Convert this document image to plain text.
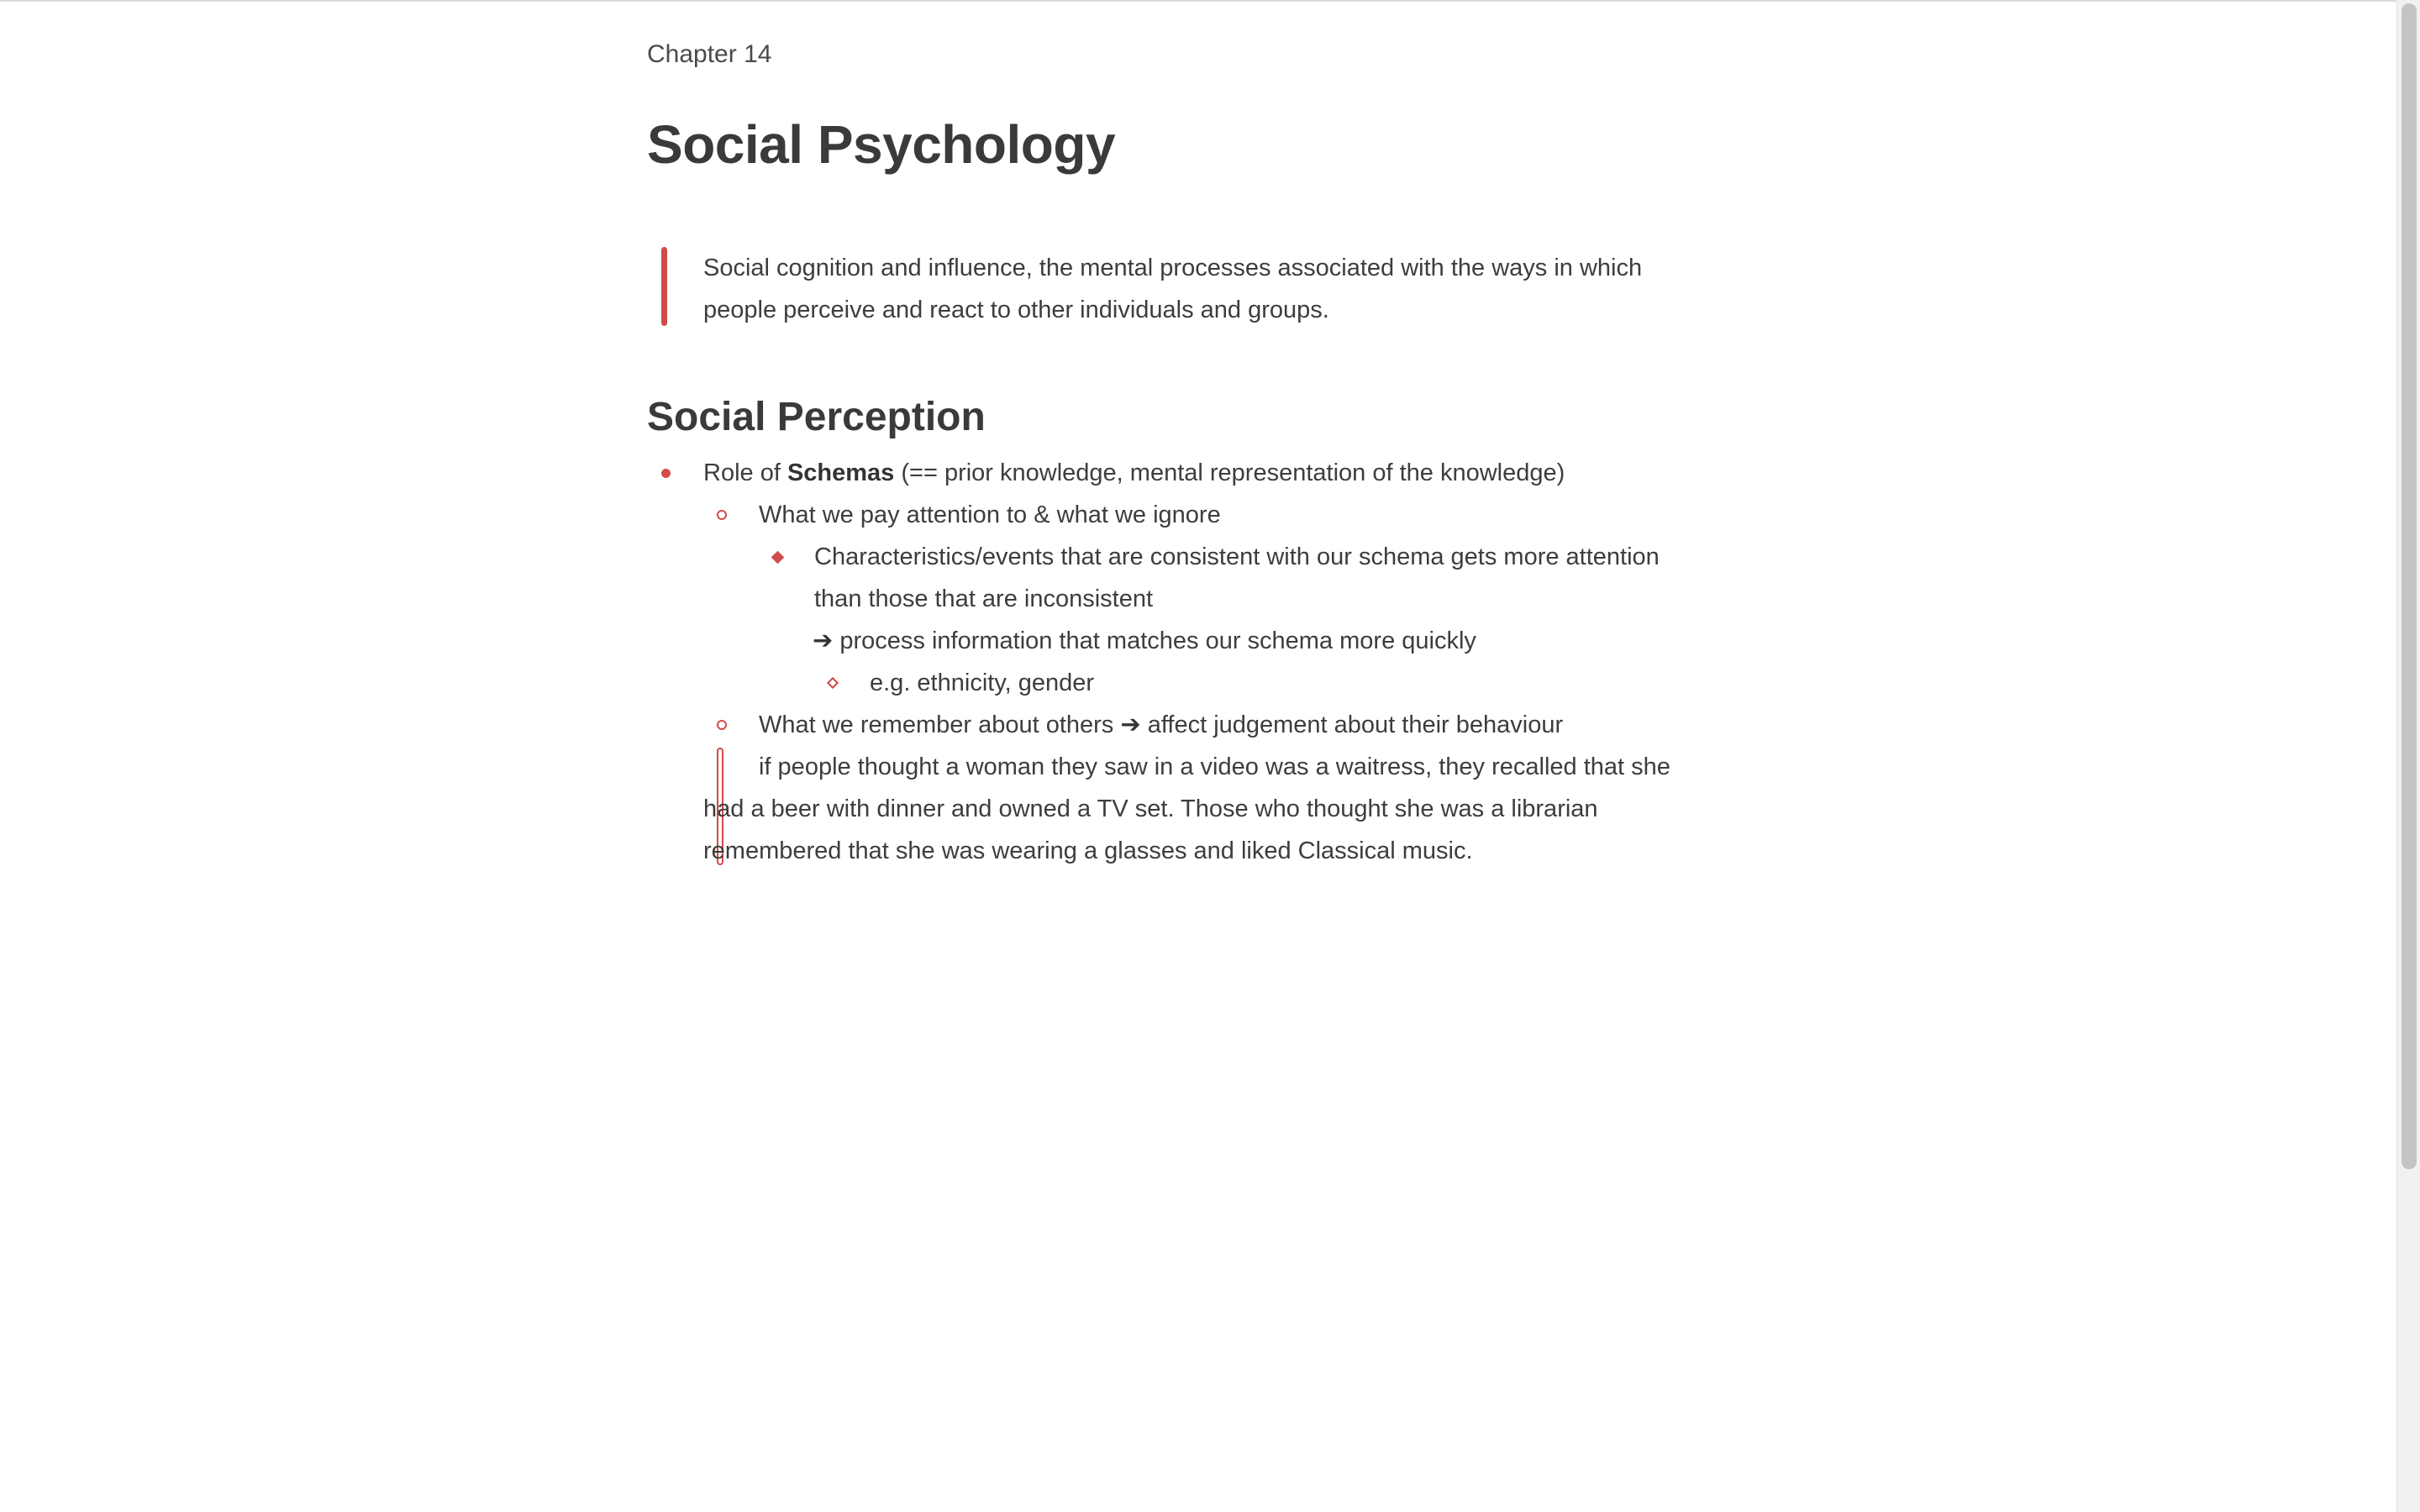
Chapter 14
Social Psychology
Social cognition and influence, the mental processes associated with the ways in which
people perceive and react to other individuals and groups.
Social Perception
Role of Schemas (== prior knowledge, mental representation of the knowledge)
What we pay attention to & what we ignore
Characteristics/events that are consistent with our schema gets more attention
than those that are inconsistent
➔ process information that matches our schema more quickly
e.g. ethnicity, gender
What we remember about others ➔ affect judgement about their behaviour
if people thought a woman they saw in a video was a waitress, they recalled that she
had a beer with dinner and owned a TV set. Those who thought she was a librarian
remembered that she was wearing a glasses and liked Classical music.
